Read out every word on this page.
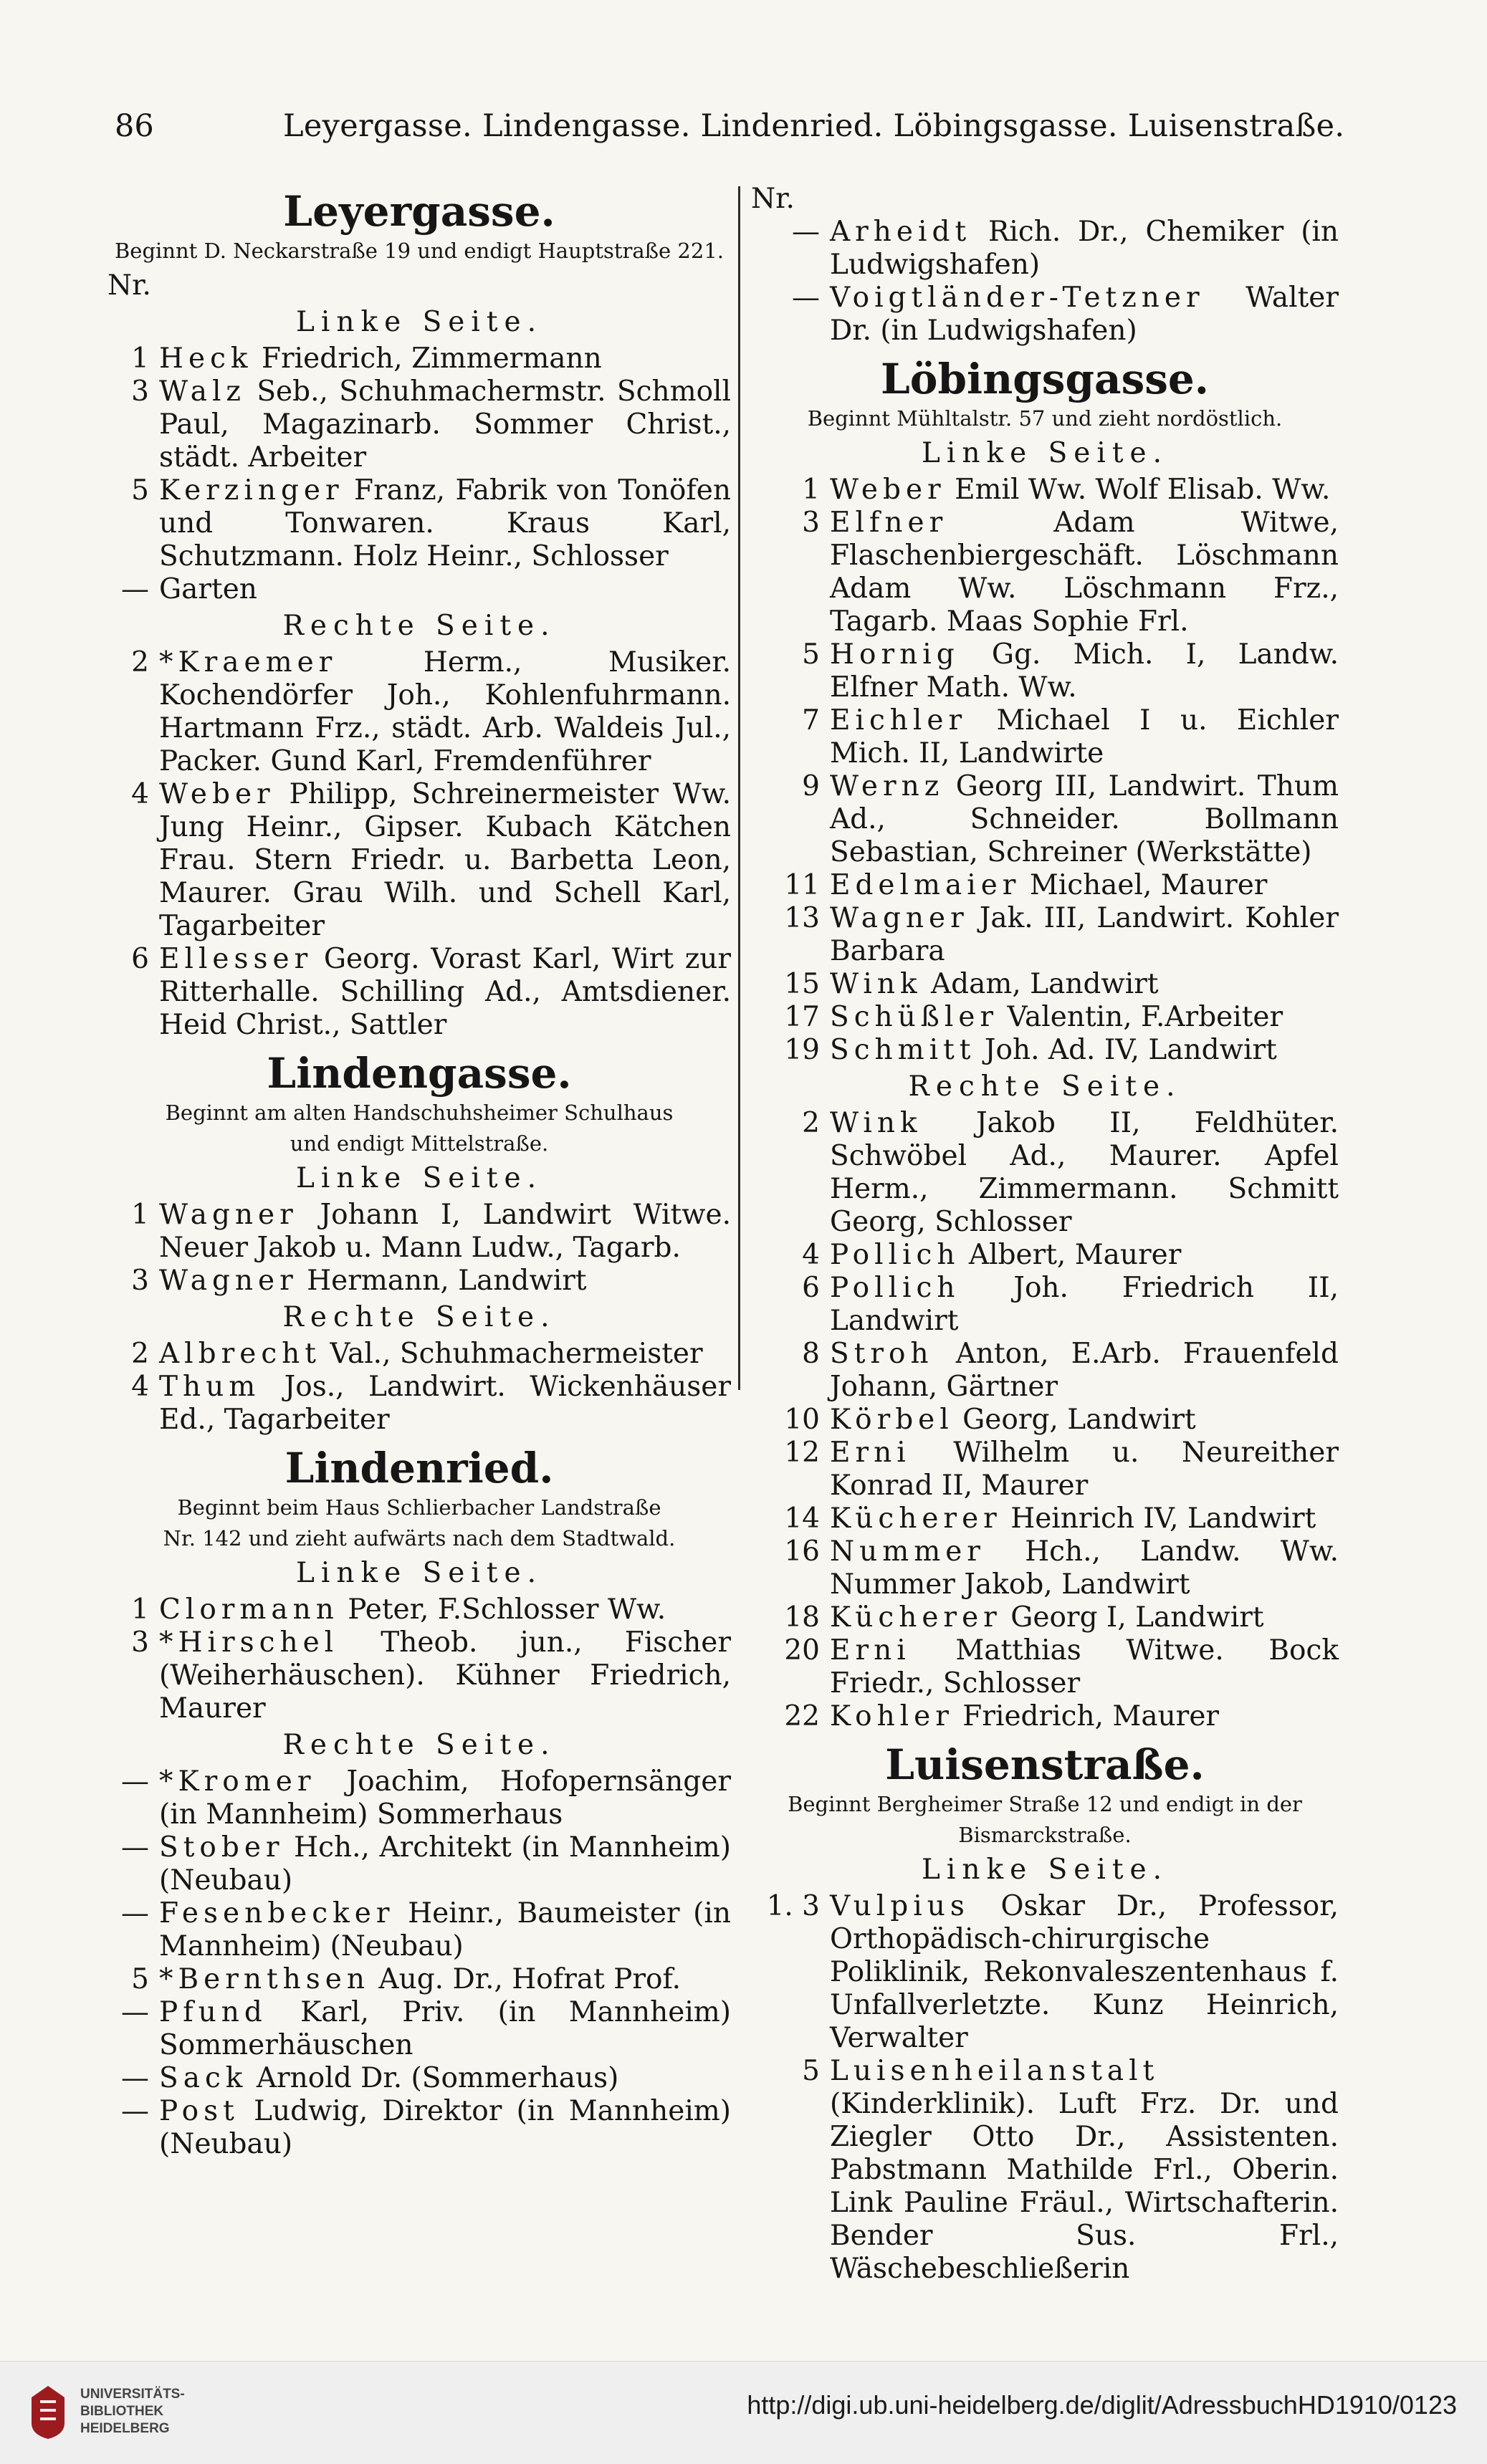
86	Leyergasse. Lindengasse. Lindenried. Löbingsgasse. Luisenstraße.
Leyergasse.
Beginnt D. Neckarstraße 19 und endigt Hauptstraße 221.
Nr.
Linke Seite.
1 Heck Friedrich, Zimmermann
3 Walz Seb., Schuhmachermstr. Schmoll Paul, Magazinarb. Sommer Christ., städt. Arbeiter
5 Kerzinger Franz, Fabrik von Tonöfen und Tonwaren. Kraus Karl, Schutzmann. Holz Heinr., Schlosser
— Garten
Rechte Seite.
2 *Kraemer Herm., Musiker. Kochendörfer Joh., Kohlenfuhrmann. Hartmann Frz., städt. Arb. Waldeis Jul., Packer. Gund Karl, Fremdenführer
4 Weber Philipp, Schreinermeister Ww. Jung Heinr., Gipser. Kubach Kätchen Frau. Stern Friedr. u. Barbetta Leon, Maurer. Grau Wilh. und Schell Karl, Tagarbeiter
6 Ellesser Georg. Vorast Karl, Wirt zur Ritterhalle. Schilling Ad., Amtsdiener. Heid Christ., Sattler
Lindengasse.
Beginnt am alten Handschuhsheimer Schulhaus
und endigt Mittelstraße.
Linke Seite.
1 Wagner Johann I, Landwirt Witwe. Neuer Jakob u. Mann Ludw., Tagarb.
3 Wagner Hermann, Landwirt
Rechte Seite.
2 Albrecht Val., Schuhmachermeister
4 Thum Jos., Landwirt. Wickenhäuser Ed., Tagarbeiter
Lindenried.
Beginnt beim Haus Schlierbacher Landstraße
Nr. 142 und zieht aufwärts nach dem Stadtwald.
Linke Seite.
1 Clormann Peter, F.Schlosser Ww.
3 *Hirschel Theob. jun., Fischer (Weiherhäuschen). Kühner Friedrich, Maurer
Rechte Seite.
— *Kromer Joachim, Hofopernsänger (in Mannheim) Sommerhaus
— Stober Hch., Architekt (in Mannheim) (Neubau)
— Fesenbecker Heinr., Baumeister (in Mannheim) (Neubau)
5 *Bernthsen Aug. Dr., Hofrat Prof.
— Pfund Karl, Priv. (in Mannheim) Sommerhäuschen
— Sack Arnold Dr. (Sommerhaus)
— Post Ludwig, Direktor (in Mannheim) (Neubau)
Nr.
— Arheidt Rich. Dr., Chemiker (in Ludwigshafen)
— Voigtländer-Tetzner Walter Dr. (in Ludwigshafen)
Löbingsgasse.
Beginnt Mühltalstr. 57 und zieht nordöstlich.
Linke Seite.
1 Weber Emil Ww. Wolf Elisab. Ww.
3 Elfner Adam Witwe, Flaschenbiergeschäft. Löschmann Adam Ww. Löschmann Frz., Tagarb. Maas Sophie Frl.
5 Hornig Gg. Mich. I, Landw. Elfner Math. Ww.
7 Eichler Michael I u. Eichler Mich. II, Landwirte
9 Wernz Georg III, Landwirt. Thum Ad., Schneider. Bollmann Sebastian, Schreiner (Werkstätte)
11 Edelmaier Michael, Maurer
13 Wagner Jak. III, Landwirt. Kohler Barbara
15 Wink Adam, Landwirt
17 Schüßler Valentin, F.Arbeiter
19 Schmitt Joh. Ad. IV, Landwirt
Rechte Seite.
2 Wink Jakob II, Feldhüter. Schwöbel Ad., Maurer. Apfel Herm., Zimmermann. Schmitt Georg, Schlosser
4 Pollich Albert, Maurer
6 Pollich Joh. Friedrich II, Landwirt
8 Stroh Anton, E.Arb. Frauenfeld Johann, Gärtner
10 Körbel Georg, Landwirt
12 Erni Wilhelm u. Neureither Konrad II, Maurer
14 Kücherer Heinrich IV, Landwirt
16 Nummer Hch., Landw. Ww. Nummer Jakob, Landwirt
18 Kücherer Georg I, Landwirt
20 Erni Matthias Witwe. Bock Friedr., Schlosser
22 Kohler Friedrich, Maurer
Luisenstraße.
Beginnt Bergheimer Straße 12 und endigt in der
Bismarckstraße.
Linke Seite.
1. 3 Vulpius Oskar Dr., Professor, Orthopädisch-chirurgische Poliklinik, Rekonvaleszentenhaus f. Unfallverletzte. Kunz Heinrich, Verwalter
5 Luisenheilanstalt (Kinderklinik). Luft Frz. Dr. und Ziegler Otto Dr., Assistenten. Pabstmann Mathilde Frl., Oberin. Link Pauline Fräul., Wirtschafterin. Bender Sus. Frl., Wäschebeschließerin
UNIVERSITÄTS-
BIBLIOTHEK
HEIDELBERG
http://digi.ub.uni-heidelberg.de/diglit/AdressbuchHD1910/0123
